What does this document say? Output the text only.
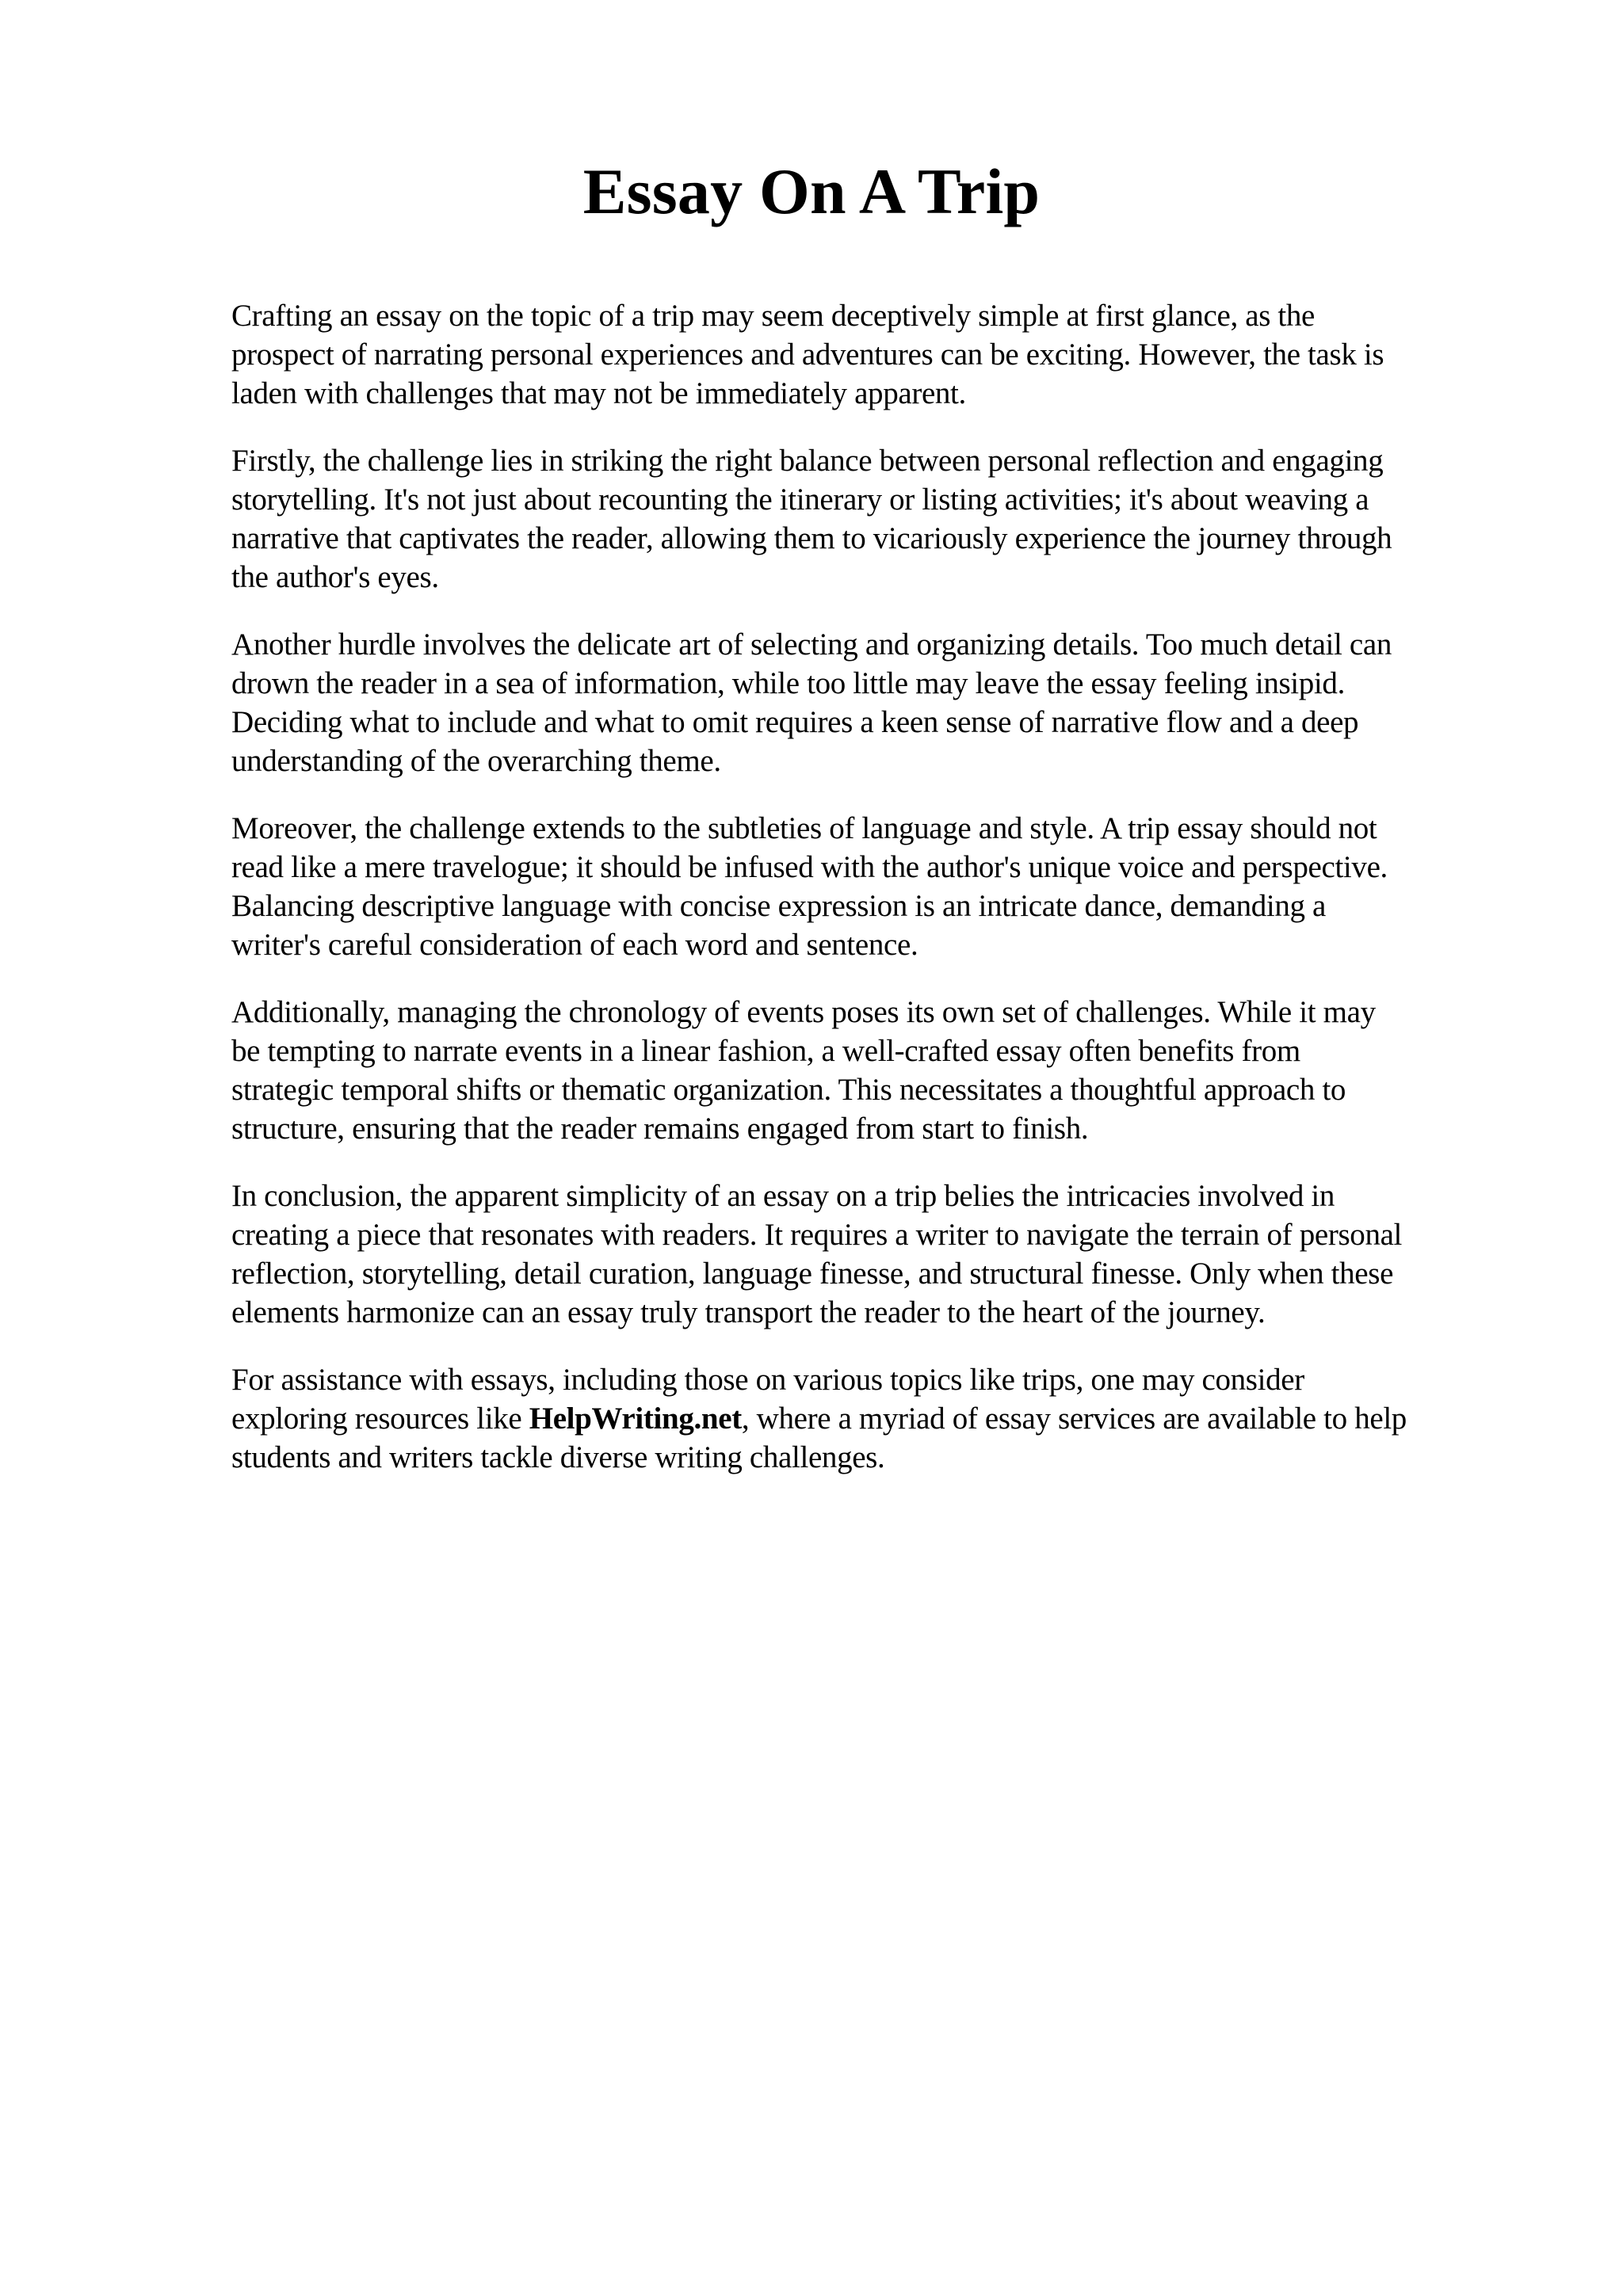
Essay On A Trip

Crafting an essay on the topic of a trip may seem deceptively simple at first glance, as the
prospect of narrating personal experiences and adventures can be exciting. However, the task is
laden with challenges that may not be immediately apparent.

Firstly, the challenge lies in striking the right balance between personal reflection and engaging
storytelling. It's not just about recounting the itinerary or listing activities; it's about weaving a
narrative that captivates the reader, allowing them to vicariously experience the journey through
the author's eyes.

Another hurdle involves the delicate art of selecting and organizing details. Too much detail can
drown the reader in a sea of information, while too little may leave the essay feeling insipid.
Deciding what to include and what to omit requires a keen sense of narrative flow and a deep
understanding of the overarching theme.

Moreover, the challenge extends to the subtleties of language and style. A trip essay should not
read like a mere travelogue; it should be infused with the author's unique voice and perspective.
Balancing descriptive language with concise expression is an intricate dance, demanding a
writer's careful consideration of each word and sentence.

Additionally, managing the chronology of events poses its own set of challenges. While it may
be tempting to narrate events in a linear fashion, a well-crafted essay often benefits from
strategic temporal shifts or thematic organization. This necessitates a thoughtful approach to
structure, ensuring that the reader remains engaged from start to finish.

In conclusion, the apparent simplicity of an essay on a trip belies the intricacies involved in
creating a piece that resonates with readers. It requires a writer to navigate the terrain of personal
reflection, storytelling, detail curation, language finesse, and structural finesse. Only when these
elements harmonize can an essay truly transport the reader to the heart of the journey.

For assistance with essays, including those on various topics like trips, one may consider
exploring resources like HelpWriting.net, where a myriad of essay services are available to help
students and writers tackle diverse writing challenges.
